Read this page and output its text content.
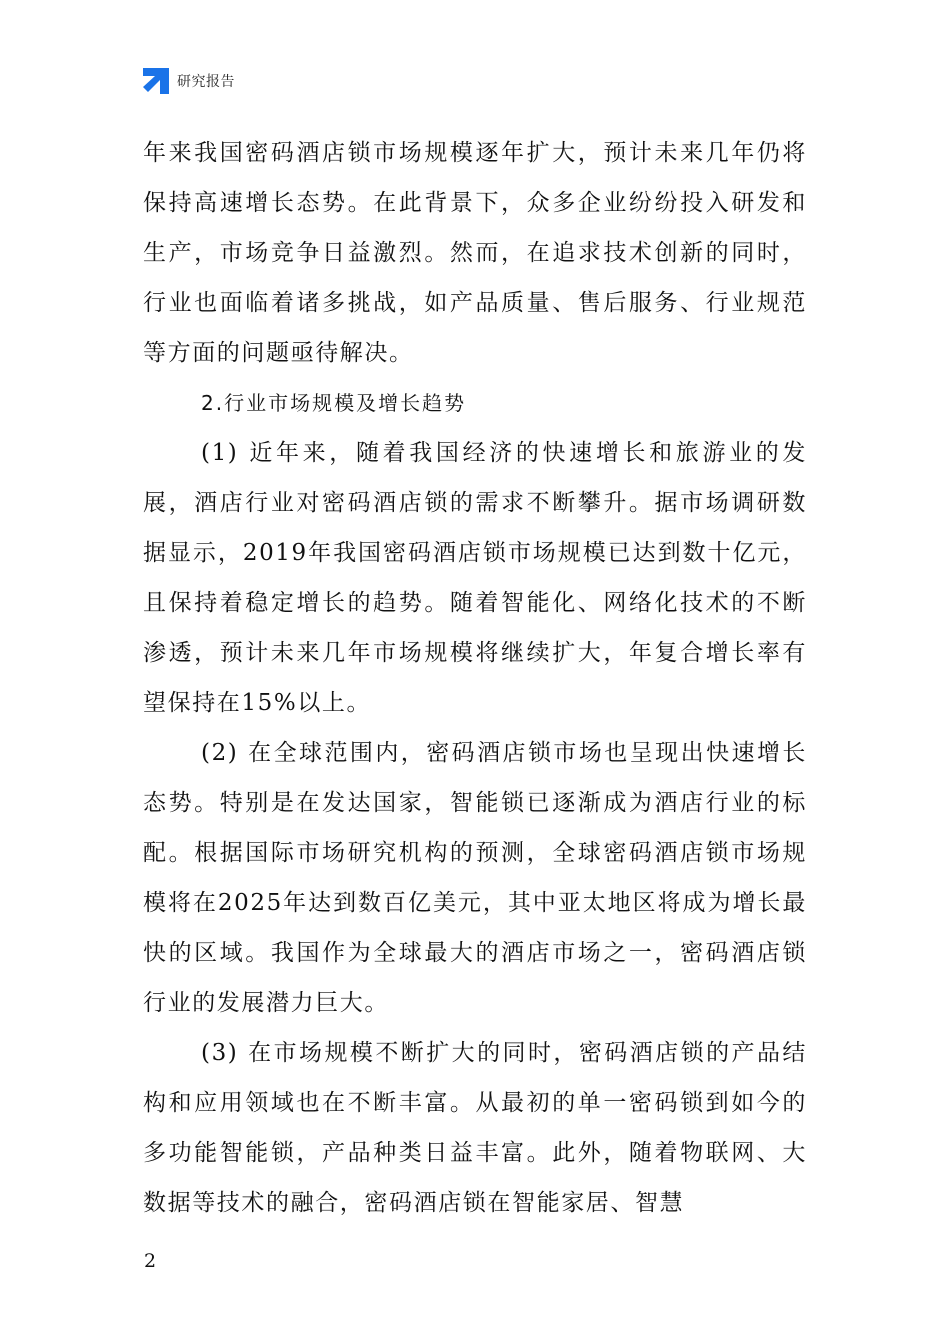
研究报告

年来我国密码酒店锁市场规模逐年扩大，预计未来几年仍将保持高速增长态势。在此背景下，众多企业纷纷投入研发和生产，市场竞争日益激烈。然而，在追求技术创新的同时，行业也面临着诸多挑战，如产品质量、售后服务、行业规范等方面的问题亟待解决。

2.行业市场规模及增长趋势

(1) 近年来，随着我国经济的快速增长和旅游业的发展，酒店行业对密码酒店锁的需求不断攀升。据市场调研数据显示，2019年我国密码酒店锁市场规模已达到数十亿元，且保持着稳定增长的趋势。随着智能化、网络化技术的不断渗透，预计未来几年市场规模将继续扩大，年复合增长率有望保持在15%以上。

(2) 在全球范围内，密码酒店锁市场也呈现出快速增长态势。特别是在发达国家，智能锁已逐渐成为酒店行业的标配。根据国际市场研究机构的预测，全球密码酒店锁市场规模将在2025年达到数百亿美元，其中亚太地区将成为增长最快的区域。我国作为全球最大的酒店市场之一，密码酒店锁行业的发展潜力巨大。

(3) 在市场规模不断扩大的同时，密码酒店锁的产品结构和应用领域也在不断丰富。从最初的单一密码锁到如今的多功能智能锁，产品种类日益丰富。此外，随着物联网、大数据等技术的融合，密码酒店锁在智能家居、智慧

2
